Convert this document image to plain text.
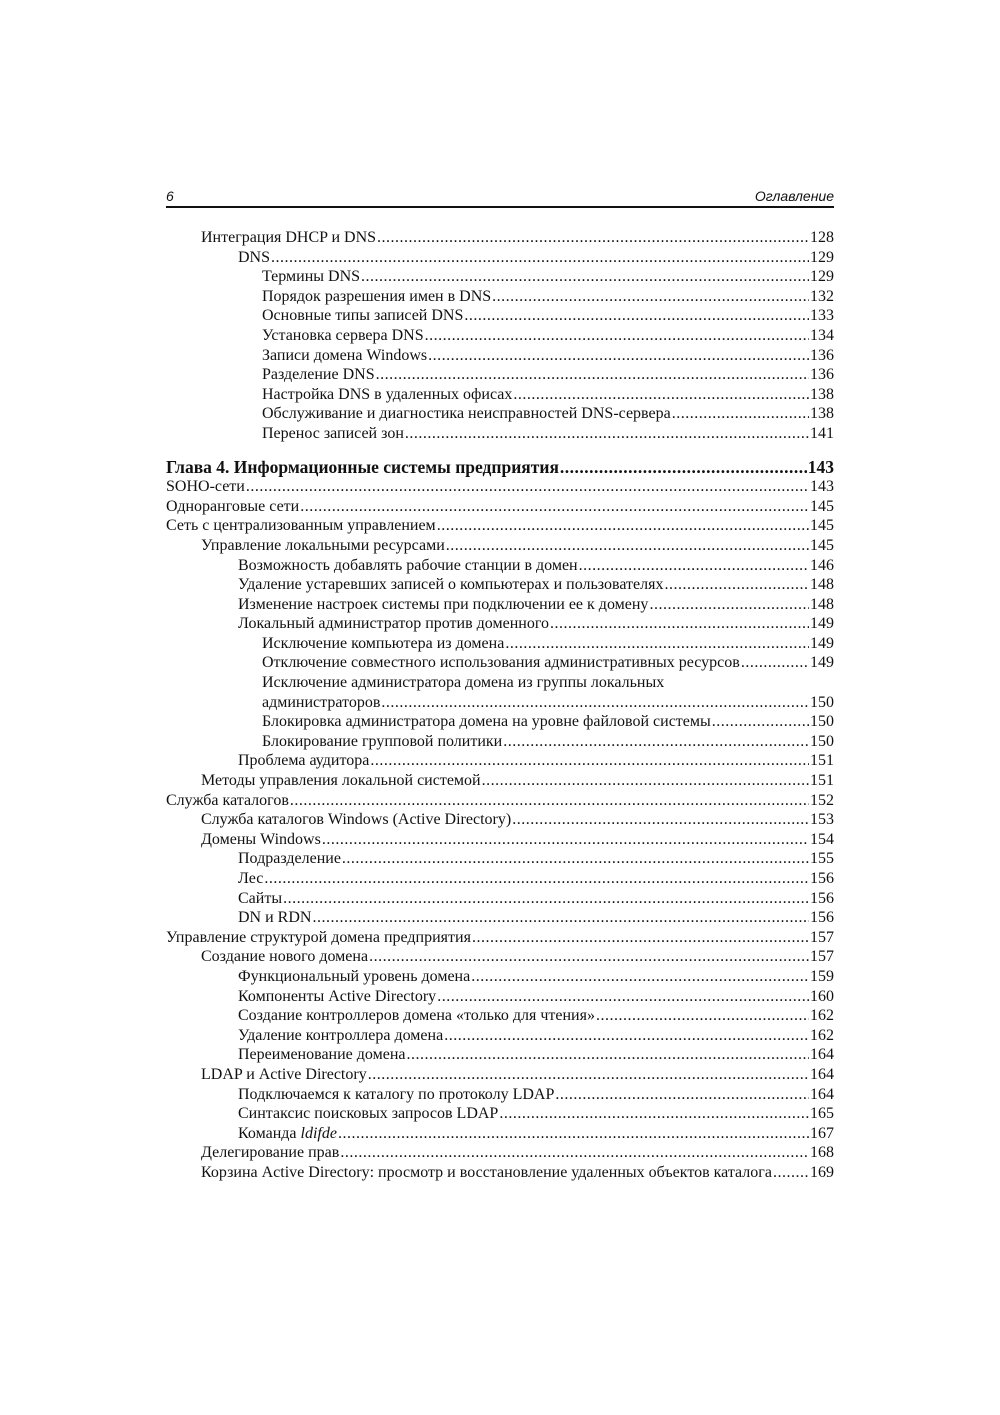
6	Оглавление
Интеграция DHCP и DNS .....	128
DNS .....	129
Термины DNS .....	129
Порядок разрешения имен в DNS .....	132
Основные типы записей DNS .....	133
Установка сервера DNS .....	134
Записи домена Windows .....	136
Разделение DNS .....	136
Настройка DNS в удаленных офисах .....	138
Обслуживание и диагностика неисправностей DNS-сервера .....	138
Перенос записей зон .....	141
Глава 4. Информационные системы предприятия .....	143
SOHO-сети .....	143
Одноранговые сети .....	145
Сеть с централизованным управлением .....	145
Управление локальными ресурсами .....	145
Возможность добавлять рабочие станции в домен .....	146
Удаление устаревших записей о компьютерах и пользователях .....	148
Изменение настроек системы при подключении ее к домену .....	148
Локальный администратор против доменного .....	149
Исключение компьютера из домена .....	149
Отключение совместного использования административных ресурсов .....	149
Исключение администратора домена из группы локальных
администраторов .....	150
Блокировка администратора домена на уровне файловой системы .....	150
Блокирование групповой политики .....	150
Проблема аудитора .....	151
Методы управления локальной системой .....	151
Служба каталогов .....	152
Служба каталогов Windows (Active Directory) .....	153
Домены Windows .....	154
Подразделение .....	155
Лес .....	156
Сайты .....	156
DN и RDN .....	156
Управление структурой домена предприятия .....	157
Создание нового домена .....	157
Функциональный уровень домена .....	159
Компоненты Active Directory .....	160
Создание контроллеров домена «только для чтения» .....	162
Удаление контроллера домена .....	162
Переименование домена .....	164
LDAP и Active Directory .....	164
Подключаемся к каталогу по протоколу LDAP .....	164
Синтаксис поисковых запросов LDAP .....	165
Команда ldifde .....	167
Делегирование прав .....	168
Корзина Active Directory: просмотр и восстановление удаленных объектов каталога ..... 169
